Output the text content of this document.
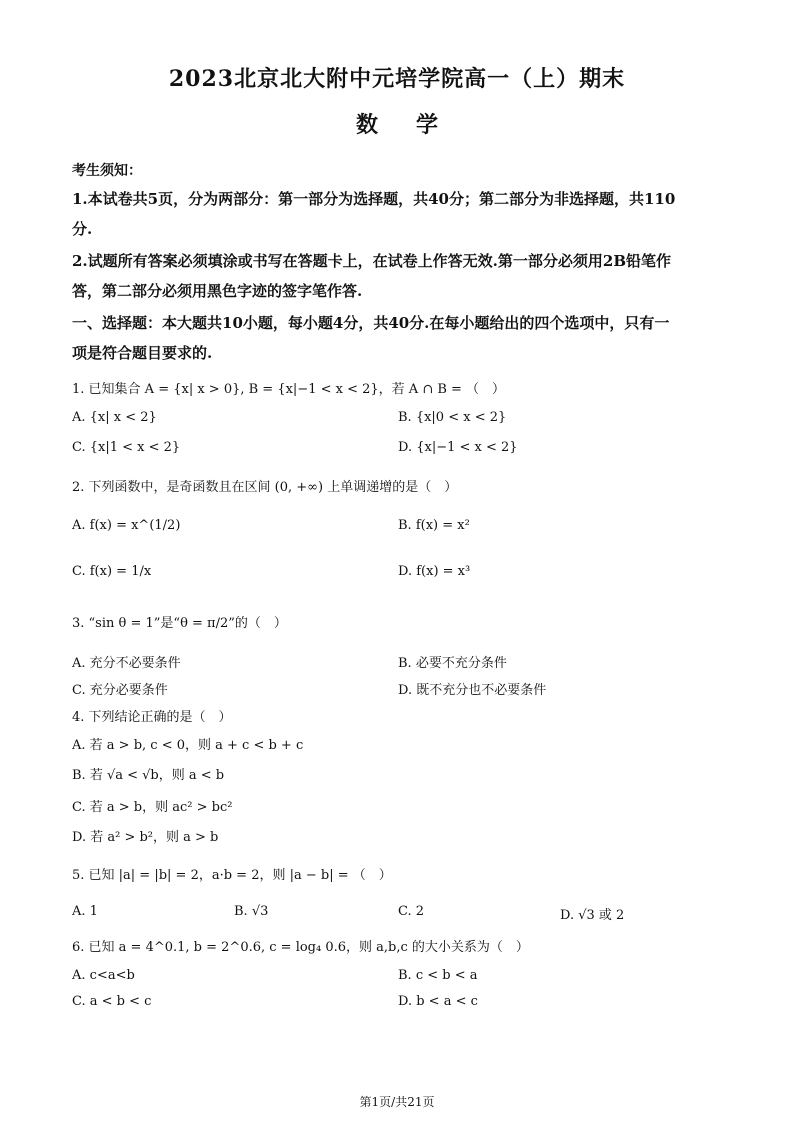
2023北京北大附中元培学院高一（上）期末
数学
考生须知：
1.本试卷共5页，分为两部分：第一部分为选择题，共40分；第二部分为非选择题，共110
分.
2.试题所有答案必须填涂或书写在答题卡上，在试卷上作答无效.第一部分必须用2B铅笔作
答，第二部分必须用黑色字迹的签字笔作答.
一、选择题：本大题共10小题，每小题4分，共40分.在每小题给出的四个选项中，只有一
项是符合题目要求的.
1. 已知集合 A = {x| x > 0}, B = {x|−1 < x < 2}，若 A ∩ B = （　）
A. {x| x < 2}	B. {x|0 < x < 2}
C. {x|1 < x < 2}	D. {x|−1 < x < 2}
2. 下列函数中，是奇函数且在区间 (0, +∞) 上单调递增的是（　）
A. f(x) = x^(1/2)	B. f(x) = x²
C. f(x) = 1/x	D. f(x) = x³
3. “sin θ = 1”是“θ = π/2”的（　）
A. 充分不必要条件	B. 必要不充分条件
C. 充分必要条件	D. 既不充分也不必要条件
4. 下列结论正确的是（　）
A. 若 a > b, c < 0，则 a + c < b + c
B. 若 √a < √b，则 a < b
C. 若 a > b，则 ac² > bc²
D. 若 a² > b²，则 a > b
5. 已知 |a| = |b| = 2，a·b = 2，则 |a − b| = （　）
A. 1	B. √3	C. 2	D. √3 或 2
6. 已知 a = 4^0.1, b = 2^0.6, c = log₄ 0.6，则 a,b,c 的大小关系为（　）
A. c<a<b	B. c < b < a
C. a < b < c	D. b < a < c
第1页/共21页
